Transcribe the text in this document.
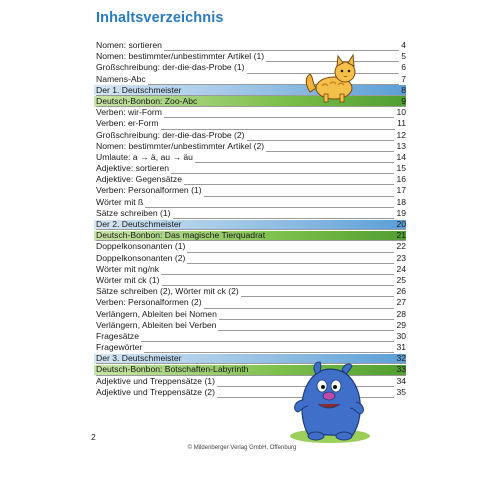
Inhaltsverzeichnis
Nomen: sortieren	4
Nomen: bestimmter/unbestimmter Artikel (1)	5
Großschreibung: der-die-das-Probe (1)	6
Namens-Abc	7
Der 1. Deutschmeister	8
Deutsch-Bonbon: Zoo-Abc	9
Verben: wir-Form	10
Verben: er-Form	11
Großschreibung: der-die-das-Probe (2)	12
Nomen: bestimmter/unbestimmter Artikel (2)	13
Umlaute: a → ä, au → äu	14
Adjektive: sortieren	15
Adjektive: Gegensätze	16
Verben: Personalformen (1)	17
Wörter mit ß	18
Sätze schreiben (1)	19
Der 2. Deutschmeister	20
Deutsch-Bonbon: Das magische Tierquadrat	21
Doppelkonsonanten (1)	22
Doppelkonsonanten (2)	23
Wörter mit ng/nk	24
Wörter mit ck (1)	25
Sätze schreiben (2), Wörter mit ck (2)	26
Verben: Personalformen (2)	27
Verlängern, Ableiten bei Nomen	28
Verlängern, Ableiten bei Verben	29
Fragesätze	30
Fragewörter	31
Der 3. Deutschmeister	32
Deutsch-Bonbon: Botschaften-Labyrinth	33
Adjektive und Treppensätze (1)	34
Adjektive und Treppensätze (2)	35
2
© Mildenberger Verlag GmbH, Offenburg
